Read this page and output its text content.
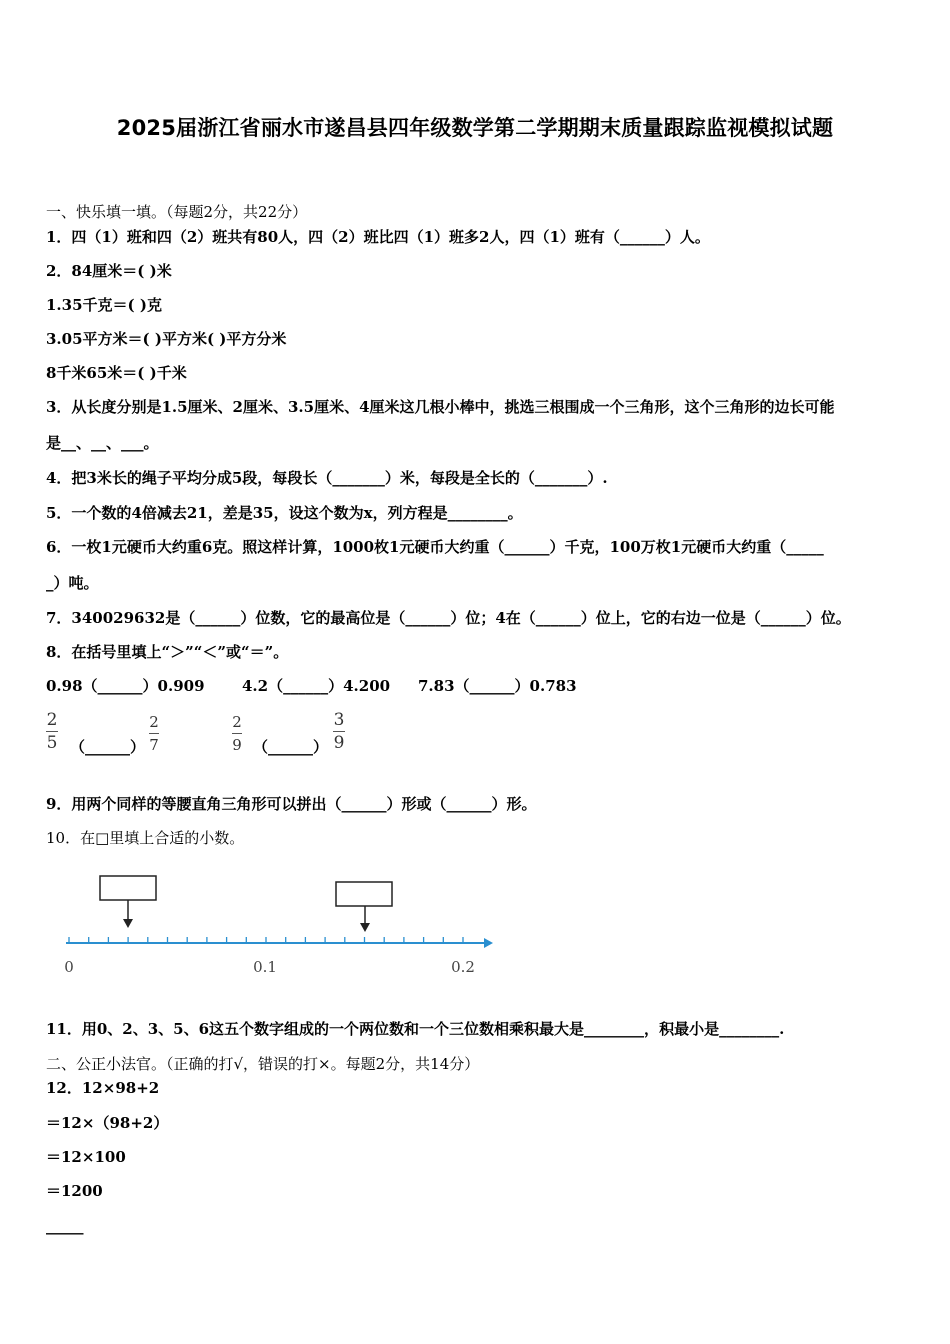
2025届浙江省丽水市遂昌县四年级数学第二学期期末质量跟踪监视模拟试题
一、快乐填一填。（每题2分，共22分）
1．四（1）班和四（2）班共有80人，四（2）班比四（1）班多2人，四（1）班有（______）人。
2．84厘米＝( )米
1.35千克＝( )克
3.05平方米＝( )平方米( )平方分米
8千米65米＝( )千米
3．从长度分别是1.5厘米、2厘米、3.5厘米、4厘米这几根小棒中，挑选三根围成一个三角形，这个三角形的边长可能
是__、__、___。
4．把3米长的绳子平均分成5段，每段长（_______）米，每段是全长的（_______）.
5．一个数的4倍减去21，差是35，设这个数为x，列方程是________。
6．一枚1元硬币大约重6克。照这样计算，1000枚1元硬币大约重（______）千克，100万枚1元硬币大约重（_____
_）吨。
7．340029632是（______）位数，它的最高位是（______）位；4在（______）位上，它的右边一位是（______）位。
8．在括号里填上“＞”“＜”或“＝”。
0.98（______）0.909 4.2（______）4.200 7.83（______）0.783
2
5 （______）
2
7
2
9 （______）
3
9
9．用两个同样的等腰直角三角形可以拼出（______）形或（______）形。
10．在□里填上合适的小数。
0	0.1	0.2
11．用0、2、3、5、6这五个数字组成的一个两位数和一个三位数相乘积最大是________，积最小是________.
二、公正小法官。（正确的打√，错误的打×。每题2分，共14分）
12．12×98+2
＝12×（98+2）
＝12×100
＝1200
_____
